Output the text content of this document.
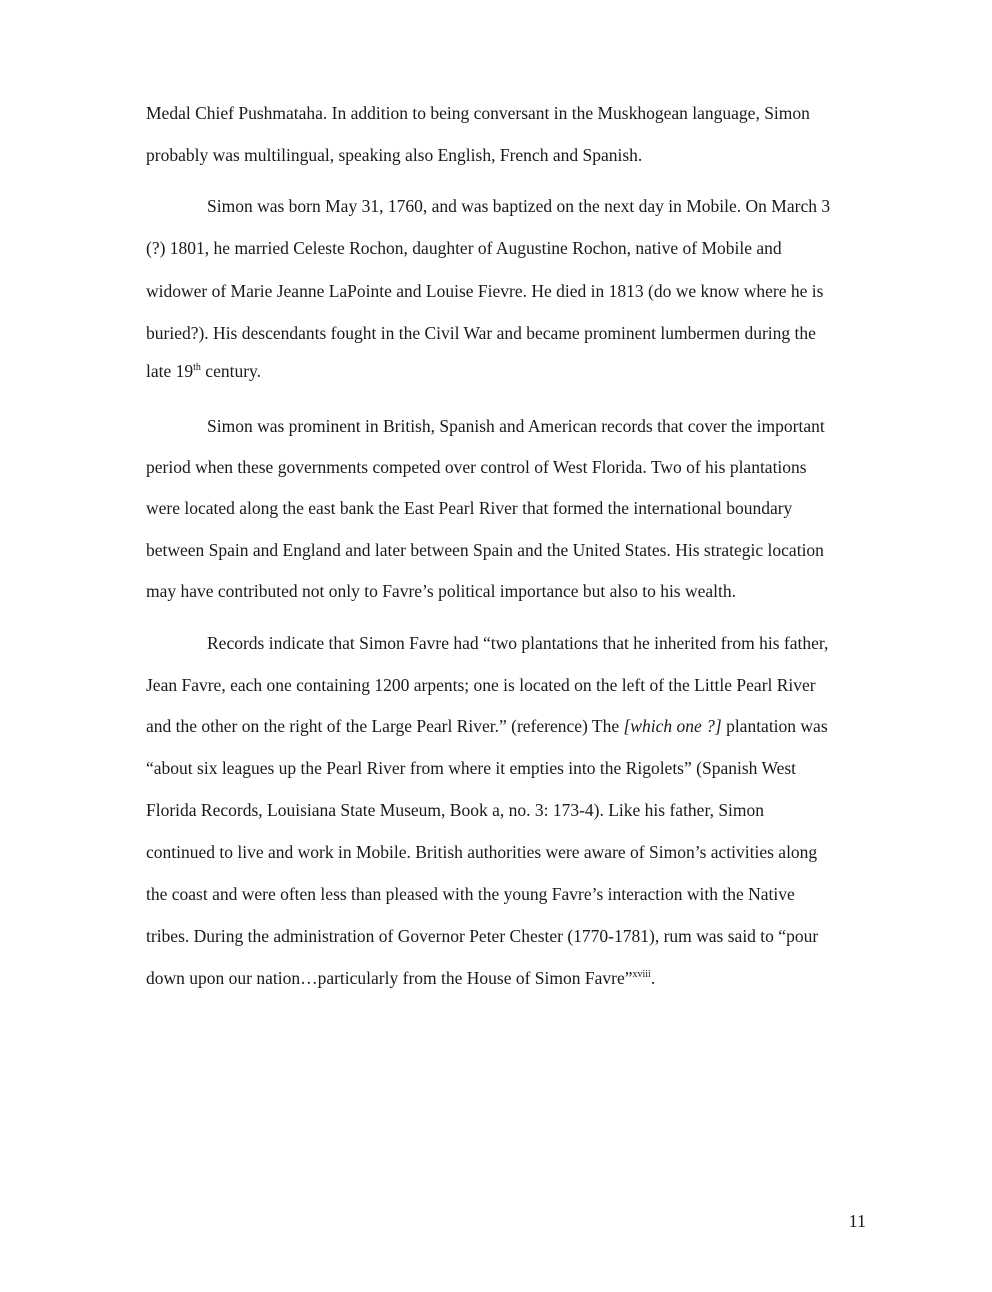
Medal Chief Pushmataha. In addition to being conversant in the Muskhogean language, Simon
probably was multilingual, speaking also English, French and Spanish.
Simon was born May 31, 1760, and was baptized on the next day in Mobile. On March 3
(?) 1801, he married Celeste Rochon, daughter of Augustine Rochon, native of Mobile and
widower of Marie Jeanne LaPointe and Louise Fievre. He died in 1813 (do we know where he is
buried?). His descendants fought in the Civil War and became prominent lumbermen during the
late 19th century.
Simon was prominent in British, Spanish and American records that cover the important
period when these governments competed over control of West Florida. Two of his plantations
were located along the east bank the East Pearl River that formed the international boundary
between Spain and England and later between Spain and the United States. His strategic location
may have contributed not only to Favre’s political importance but also to his wealth.
Records indicate that Simon Favre had “two plantations that he inherited from his father,
Jean Favre, each one containing 1200 arpents; one is located on the left of the Little Pearl River
and the other on the right of the Large Pearl River.” (reference) The [which one ?] plantation was
“about six leagues up the Pearl River from where it empties into the Rigolets” (Spanish West
Florida Records, Louisiana State Museum, Book a, no. 3: 173-4). Like his father, Simon
continued to live and work in Mobile. British authorities were aware of Simon’s activities along
the coast and were often less than pleased with the young Favre’s interaction with the Native
tribes. During the administration of Governor Peter Chester (1770-1781), rum was said to “pour
down upon our nation…particularly from the House of Simon Favre”$^{xviii}$.
11
